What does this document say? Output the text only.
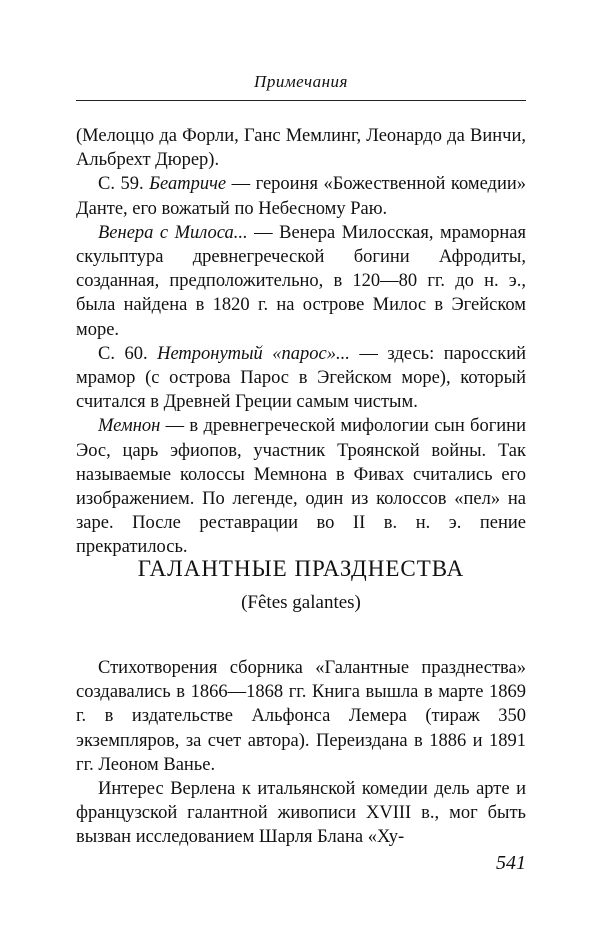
Примечания

(Мелоццо да Форли, Ганс Мемлинг, Леонардо да Винчи, Альбрехт Дюрер).

С. 59. Беатриче — героиня «Божественной комедии» Данте, его вожатый по Небесному Раю.

Венера с Милоса... — Венера Милосская, мраморная скульптура древнегреческой богини Афродиты, созданная, предположительно, в 120—80 гг. до н. э., была найдена в 1820 г. на острове Милос в Эгейском море.

С. 60. Нетронутый «парос»... — здесь: паросский мрамор (с острова Парос в Эгейском море), который считался в Древней Греции самым чистым.

Мемнон — в древнегреческой мифологии сын богини Эос, царь эфиопов, участник Троянской войны. Так называемые колоссы Мемнона в Фивах считались его изображением. По легенде, один из колоссов «пел» на заре. После реставрации во II в. н. э. пение прекратилось.

ГАЛАНТНЫЕ ПРАЗДНЕСТВА
(Fêtes galantes)

Стихотворения сборника «Галантные празднества» создавались в 1866—1868 гг. Книга вышла в марте 1869 г. в издательстве Альфонса Лемера (тираж 350 экземпляров, за счет автора). Переиздана в 1886 и 1891 гг. Леоном Ванье.

Интерес Верлена к итальянской комедии дель арте и французской галантной живописи XVIII в., мог быть вызван исследованием Шарля Блана «Ху-

541
